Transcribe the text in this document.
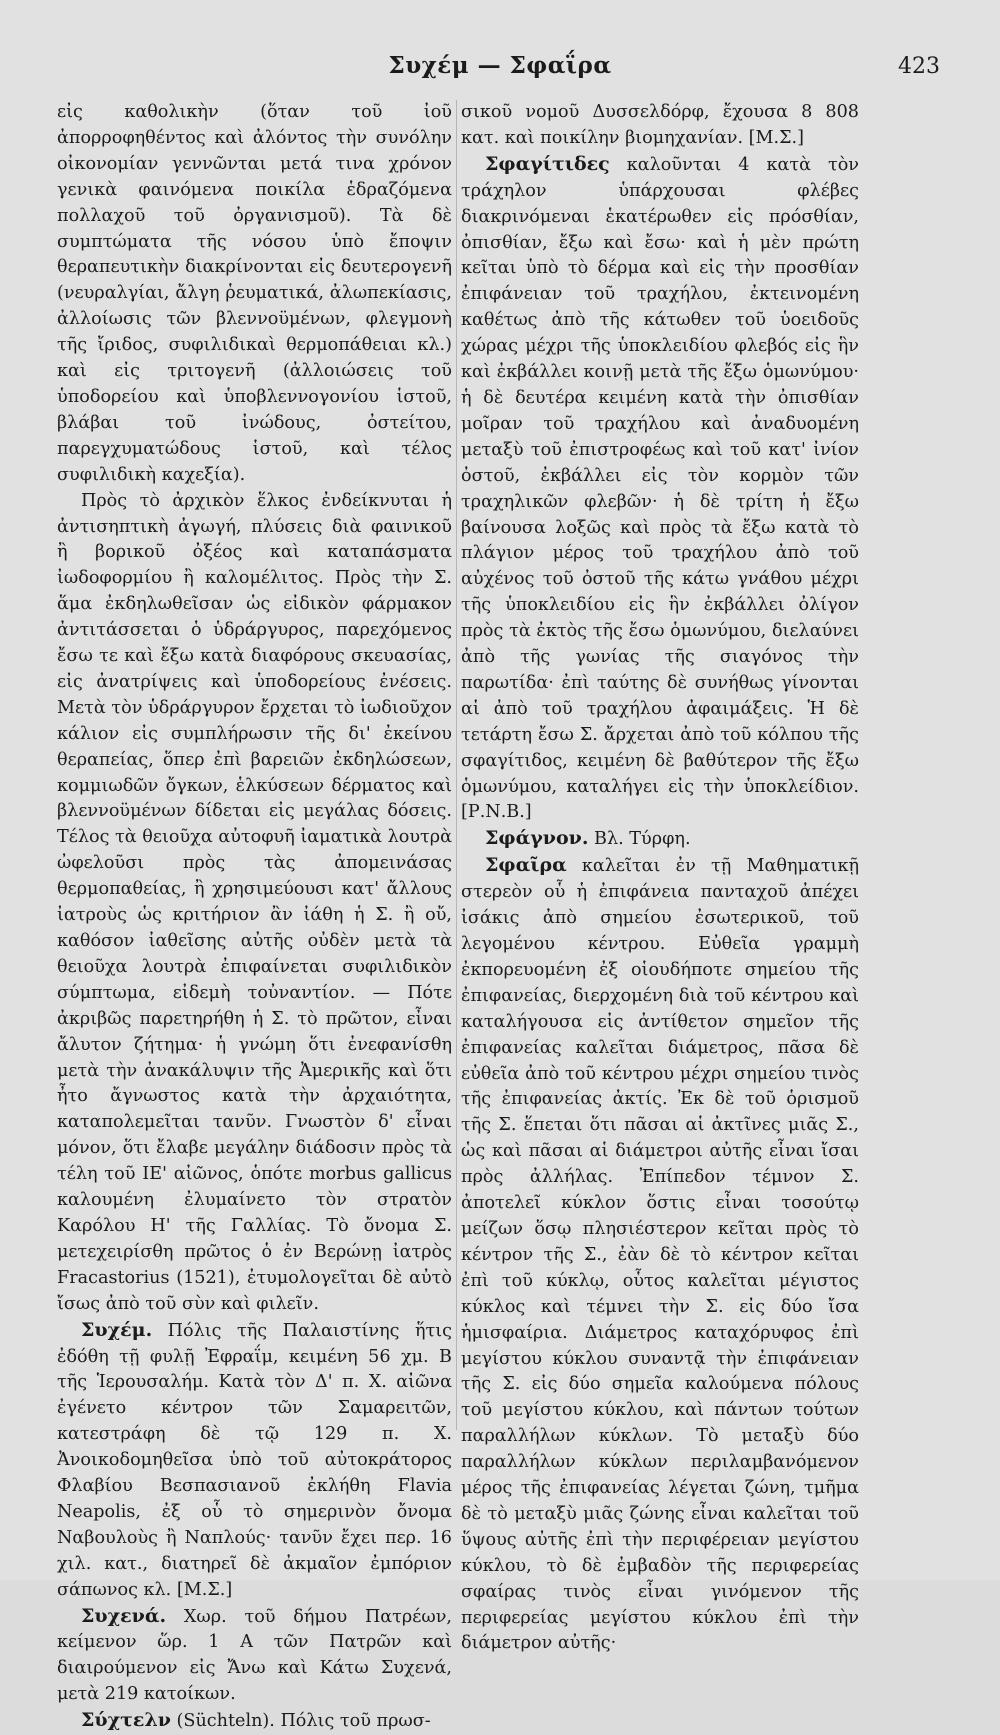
Συχέμ — Σφαΐρα	423

εἰς καθολικὴν (ὅταν τοῦ ἰοῦ ἀπορροφηθέντος καὶ ἀλόντος τὴν συνόλην οἰκονομίαν γεννῶνται μετά τινα χρόνον γενικὰ φαινόμενα ποικίλα ἑδραζόμενα πολλαχοῦ τοῦ ὀργανισμοῦ). Τὰ δὲ συμπτώματα τῆς νόσου ὑπὸ ἔποψιν θεραπευτικὴν διακρίνονται εἰς δευτερογενῆ (νευραλγίαι, ἄλγη ῥευματικά, ἀλωπεκίασις, ἀλλοίωσις τῶν βλεννοϋμένων, φλεγμονὴ τῆς ἴριδος, συφιλιδικαὶ θερμοπάθειαι κλ.) καὶ εἰς τριτογενῆ (ἀλλοιώσεις τοῦ ὑποδορείου καὶ ὑποβλεννογονίου ἱστοῦ, βλάβαι τοῦ ἰνώδους, ὀστείτου, παρεγχυματώδους ἱστοῦ, καὶ τέλος συφιλιδικὴ καχεξία).

Πρὸς τὸ ἀρχικὸν ἕλκος ἐνδείκνυται ἡ ἀντισηπτικὴ ἀγωγή, πλύσεις διὰ φαινικοῦ ἢ βορικοῦ ὀξέος καὶ καταπάσματα ἰωδοφορμίου ἢ καλομέλιτος. Πρὸς τὴν Σ. ἅμα ἐκδηλωθεῖσαν ὡς εἰδικὸν φάρμακον ἀντιτάσσεται ὁ ὑδράργυρος, παρεχόμενος ἔσω τε καὶ ἔξω κατὰ διαφόρους σκευασίας, εἰς ἀνατρίψεις καὶ ὑποδορείους ἐνέσεις. Μετὰ τὸν ὑδράργυρον ἔρχεται τὸ ἰωδιοῦχον κάλιον εἰς συμπλήρωσιν τῆς δι' ἐκείνου θεραπείας, ὅπερ ἐπὶ βαρειῶν ἐκδηλώσεων, κομμιωδῶν ὄγκων, ἑλκύσεων δέρματος καὶ βλεννοϋμένων δίδεται εἰς μεγάλας δόσεις. Τέλος τὰ θειοῦχα αὐτοφυῆ ἰαματικὰ λουτρὰ ὠφελοῦσι πρὸς τὰς ἀπομεινάσας θερμοπαθείας, ἢ χρησιμεύουσι κατ' ἄλλους ἰατροὺς ὡς κριτήριον ἂν ἰάθη ἡ Σ. ἢ οὔ, καθόσον ἰαθεῖσης αὐτῆς οὐδὲν μετὰ τὰ θειοῦχα λουτρὰ ἐπιφαίνεται συφιλιδικὸν σύμπτωμα, εἰδεμὴ τοὐναντίον. — Πότε ἀκριβῶς παρετηρήθη ἡ Σ. τὸ πρῶτον, εἶναι ἄλυτον ζήτημα· ἡ γνώμη ὅτι ἐνεφανίσθη μετὰ τὴν ἀνακάλυψιν τῆς Ἀμερικῆς καὶ ὅτι ἦτο ἄγνωστος κατὰ τὴν ἀρχαιότητα, καταπολεμεῖται τανῦν. Γνωστὸν δ' εἶναι μόνον, ὅτι ἔλαβε μεγάλην διάδοσιν πρὸς τὰ τέλη τοῦ ΙΕ' αἰῶνος, ὁπότε morbus gallicus καλουμένη ἐλυμαίνετο τὸν στρατὸν Καρόλου Η' τῆς Γαλλίας. Τὸ ὄνομα Σ. μετεχειρίσθη πρῶτος ὁ ἐν Βερώνῃ ἰατρὸς Fracastorius (1521), ἐτυμολογεῖται δὲ αὐτὸ ἴσως ἀπὸ τοῦ σὺν καὶ φιλεῖν.

Συχέμ. Πόλις τῆς Παλαιστίνης ἥτις ἐδόθη τῇ φυλῇ Ἐφραΐμ, κειμένη 56 χμ. Β τῆς Ἱερουσαλήμ. Κατὰ τὸν Δ' π. Χ. αἰῶνα ἐγένετο κέντρον τῶν Σαμαρειτῶν, κατεστράφη δὲ τῷ 129 π. Χ. Ἀνοικοδομηθεῖσα ὑπὸ τοῦ αὐτοκράτορος Φλαβίου Βεσπασιανοῦ ἐκλήθη Flavia Neapolis, ἐξ οὗ τὸ σημερινὸν ὄνομα Ναβουλοὺς ἢ Ναπλούς· τανῦν ἔχει περ. 16 χιλ. κατ., διατηρεῖ δὲ ἀκμαῖον ἐμπόριον σάπωνος κλ. [Μ.Σ.]

Συχενά. Χωρ. τοῦ δήμου Πατρέων, κείμενον ὥρ. 1 Α τῶν Πατρῶν καὶ διαιρούμενον εἰς Ἄνω καὶ Κάτω Συχενά, μετὰ 219 κατοίκων.

Σύχτελν (Süchteln). Πόλις τοῦ πρωσ-

σικοῦ νομοῦ Δυσσελδόρφ, ἔχουσα 8 808 κατ. καὶ ποικίλην βιομηχανίαν. [Μ.Σ.]

Σφαγίτιδες καλοῦνται 4 κατὰ τὸν τράχηλον ὑπάρχουσαι φλέβες διακρινόμεναι ἑκατέρωθεν εἰς πρόσθίαν, ὀπισθίαν, ἔξω καὶ ἔσω· καὶ ἡ μὲν πρώτη κεῖται ὑπὸ τὸ δέρμα καὶ εἰς τὴν προσθίαν ἐπιφάνειαν τοῦ τραχήλου, ἐκτεινομένη καθέτως ἀπὸ τῆς κάτωθεν τοῦ ὑοειδοῦς χώρας μέχρι τῆς ὑποκλειδίου φλεβός εἰς ἣν καὶ ἐκβάλλει κοινῇ μετὰ τῆς ἔξω ὁμωνύμου· ἡ δὲ δευτέρα κειμένη κατὰ τὴν ὀπισθίαν μοῖραν τοῦ τραχήλου καὶ ἀναδυομένη μεταξὺ τοῦ ἐπιστροφέως καὶ τοῦ κατ' ἰνίον ὀστοῦ, ἐκβάλλει εἰς τὸν κορμὸν τῶν τραχηλικῶν φλεβῶν· ἡ δὲ τρίτη ἡ ἔξω βαίνουσα λοξῶς καὶ πρὸς τὰ ἔξω κατὰ τὸ πλάγιον μέρος τοῦ τραχήλου ἀπὸ τοῦ αὐχένος τοῦ ὀστοῦ τῆς κάτω γνάθου μέχρι τῆς ὑποκλειδίου εἰς ἣν ἐκβάλλει ὀλίγον πρὸς τὰ ἐκτὸς τῆς ἔσω ὁμωνύμου, διελαύνει ἀπὸ τῆς γωνίας τῆς σιαγόνος τὴν παρωτίδα· ἐπὶ ταύτης δὲ συνήθως γίνονται αἱ ἀπὸ τοῦ τραχήλου ἀφαιμάξεις. Ἡ δὲ τετάρτη ἔσω Σ. ἄρχεται ἀπὸ τοῦ κόλπου τῆς σφαγίτιδος, κειμένη δὲ βαθύτερον τῆς ἔξω ὁμωνύμου, καταλήγει εἰς τὴν ὑποκλείδιον. [Ρ.Ν.Β.]

Σφάγνον. Βλ. Τύρφη.

Σφαῖρα καλεῖται ἐν τῇ Μαθηματικῇ στερεὸν οὗ ἡ ἐπιφάνεια πανταχοῦ ἀπέχει ἰσάκις ἀπὸ σημείου ἐσωτερικοῦ, τοῦ λεγομένου κέντρου. Εὐθεῖα γραμμὴ ἐκπορευομένη ἐξ οἱουδήποτε σημείου τῆς ἐπιφανείας, διερχομένη διὰ τοῦ κέντρου καὶ καταλήγουσα εἰς ἀντίθετον σημεῖον τῆς ἐπιφανείας καλεῖται διάμετρος, πᾶσα δὲ εὐθεῖα ἀπὸ τοῦ κέντρου μέχρι σημείου τινὸς τῆς ἐπιφανείας ἀκτίς. Ἐκ δὲ τοῦ ὁρισμοῦ τῆς Σ. ἕπεται ὅτι πᾶσαι αἱ ἀκτῖνες μιᾶς Σ., ὡς καὶ πᾶσαι αἱ διάμετροι αὐτῆς εἶναι ἴσαι πρὸς ἀλλήλας. Ἐπίπεδον τέμνον Σ. ἀποτελεῖ κύκλον ὅστις εἶναι τοσούτῳ μείζων ὅσῳ πλησιέστερον κεῖται πρὸς τὸ κέντρον τῆς Σ., ἐὰν δὲ τὸ κέντρον κεῖται ἐπὶ τοῦ κύκλῳ, οὗτος καλεῖται μέγιστος κύκλος καὶ τέμνει τὴν Σ. εἰς δύο ἴσα ἡμισφαίρια. Διάμετρος καταχόρυφος ἐπὶ μεγίστου κύκλου συναντᾷ τὴν ἐπιφάνειαν τῆς Σ. εἰς δύο σημεῖα καλούμενα πόλους τοῦ μεγίστου κύκλου, καὶ πάντων τούτων παραλλήλων κύκλων. Τὸ μεταξὺ δύο παραλλήλων κύκλων περιλαμβανόμενον μέρος τῆς ἐπιφανείας λέγεται ζώνη, τμῆμα δὲ τὸ μεταξὺ μιᾶς ζώνης εἶναι καλεῖται τοῦ ὕψους αὐτῆς ἐπὶ τὴν περιφέρειαν μεγίστου κύκλου, τὸ δὲ ἐμβαδὸν τῆς περιφερείας σφαίρας τινὸς εἶναι γινόμενον τῆς περιφερείας μεγίστου κύκλου ἐπὶ τὴν διάμετρον αὐτῆς·
